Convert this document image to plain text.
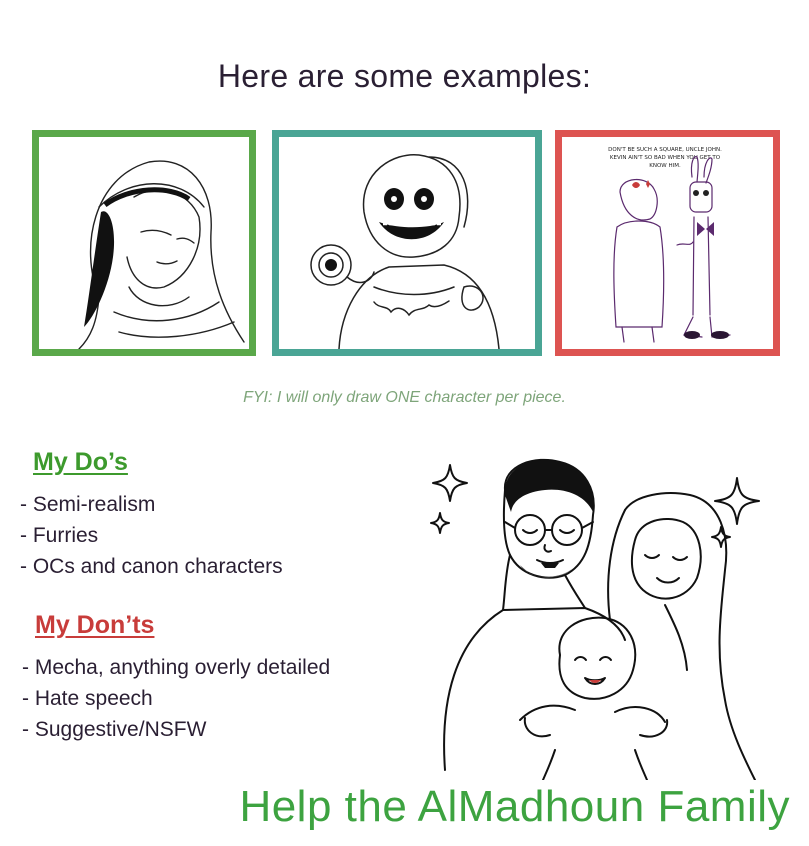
Here are some examples:
DON'T BE SUCH A SQUARE, UNCLE JOHN.
KEVIN AIN'T SO BAD WHEN YOU GET TO
KNOW HIM.
FYI: I will only draw ONE character per piece.
My Do’s
- Semi-realism
- Furries
- OCs and canon characters
My Don’ts
- Mecha, anything overly detailed
- Hate speech
- Suggestive/NSFW
Help the AlMadhoun Family
